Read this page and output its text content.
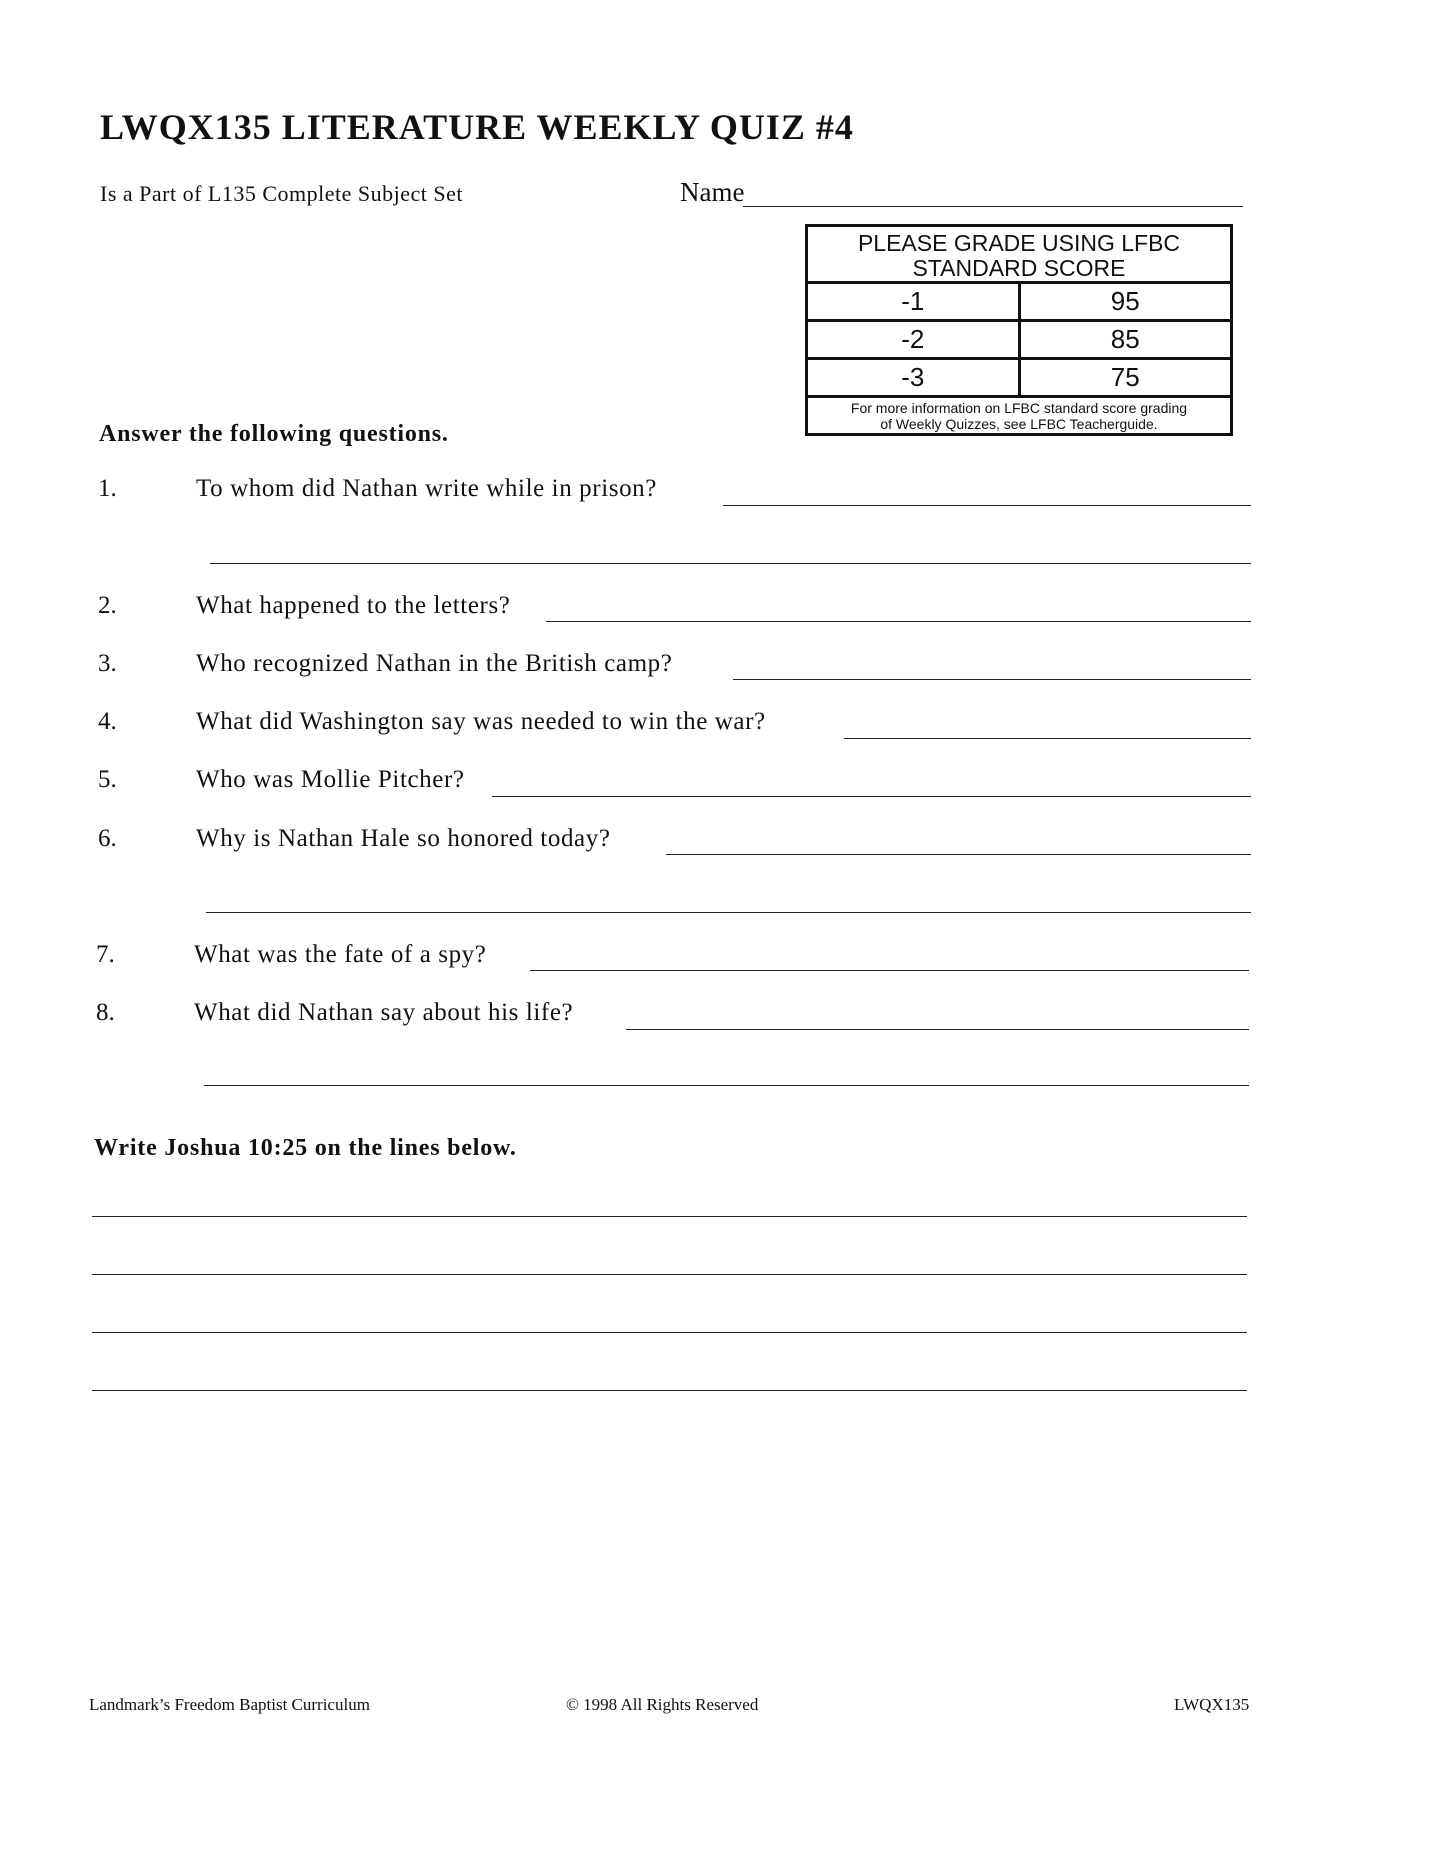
LWQX135 LITERATURE WEEKLY QUIZ #4
Is a Part of L135 Complete Subject Set	Name
PLEASE GRADE USING LFBC
STANDARD SCORE
-1	95
-2	85
-3	75
For more information on LFBC standard score grading
of Weekly Quizzes, see LFBC Teacherguide.
Answer the following questions.
1.	To whom did Nathan write while in prison?
2.	What happened to the letters?
3.	Who recognized Nathan in the British camp?
4.	What did Washington say was needed to win the war?
5.	Who was Mollie Pitcher?
6.	Why is Nathan Hale so honored today?
7.	What was the fate of a spy?
8.	What did Nathan say about his life?
Write Joshua 10:25 on the lines below.
Landmark’s Freedom Baptist Curriculum	© 1998 All Rights Reserved	LWQX135
